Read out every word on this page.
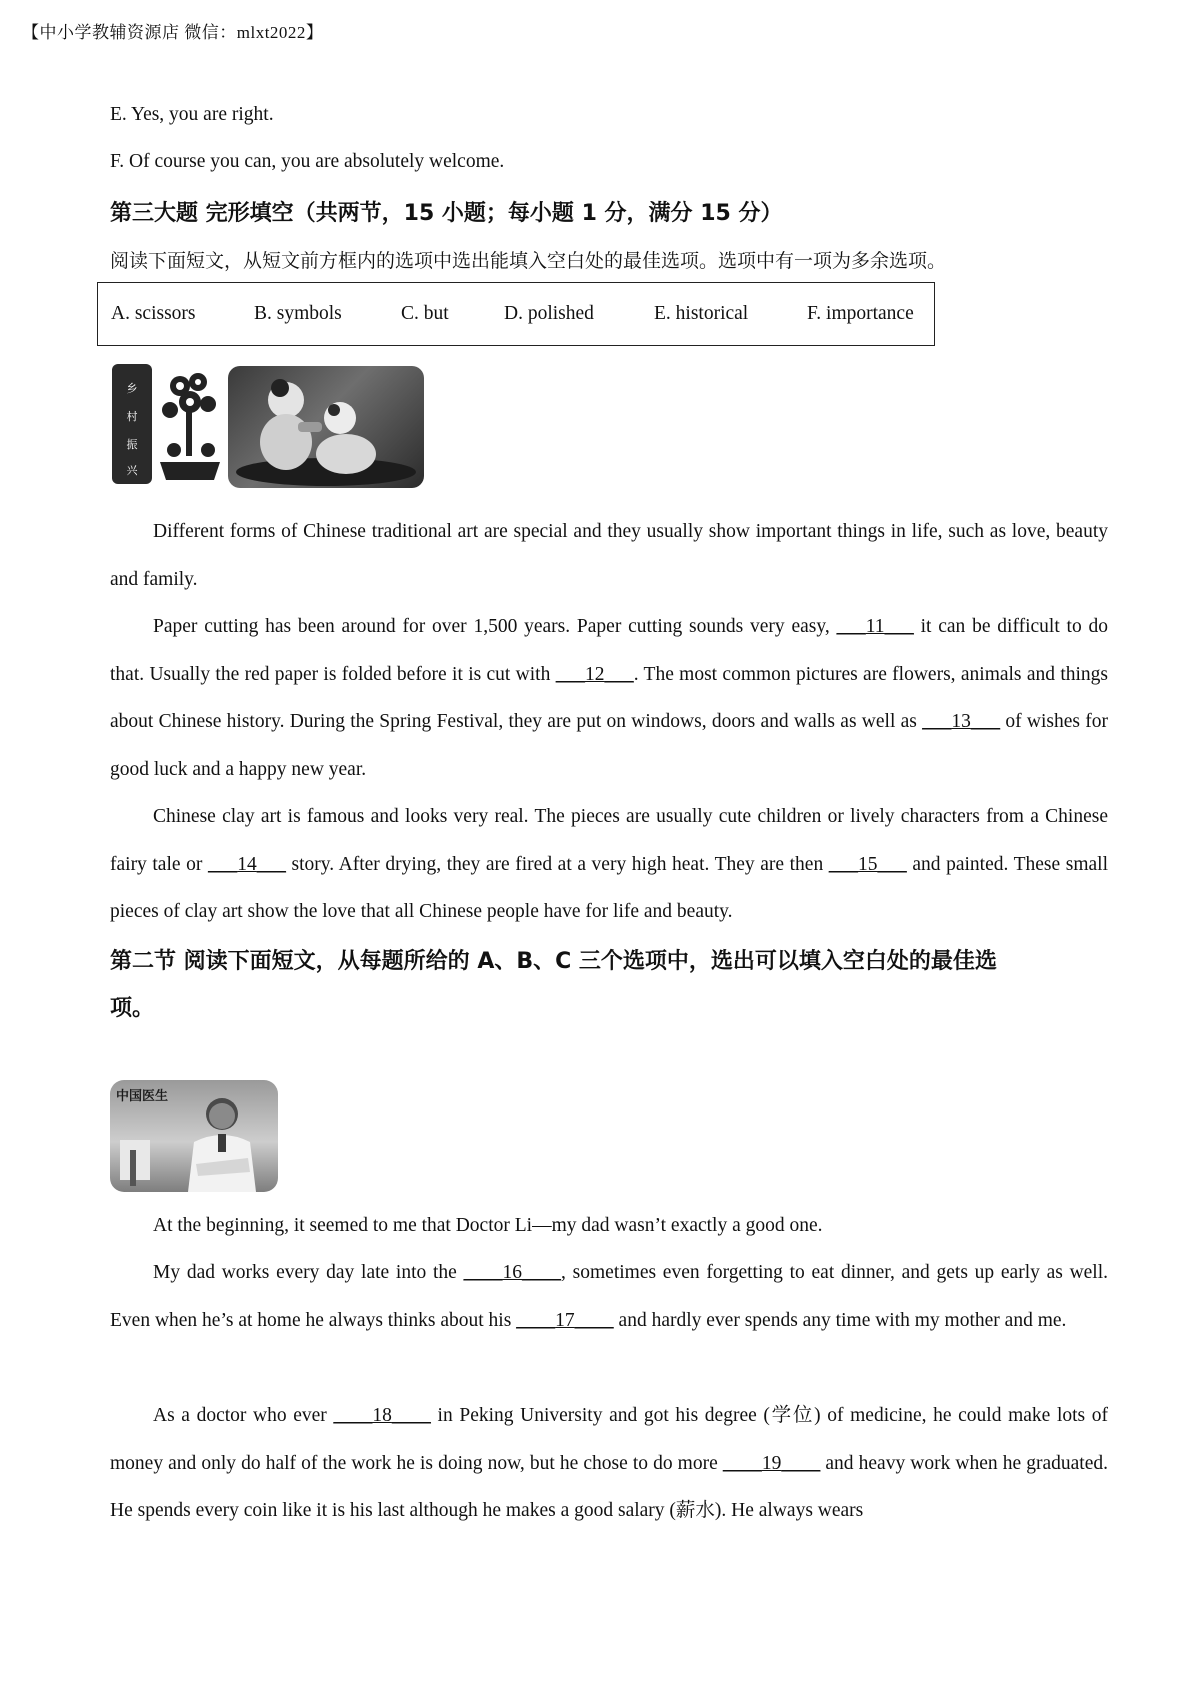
【中小学教辅资源店 微信：mlxt2022】
E. Yes, you are right.
F. Of course you can, you are absolutely welcome.
第三大题 完形填空（共两节，15 小题；每小题 1 分，满分 15 分）
阅读下面短文，从短文前方框内的选项中选出能填入空白处的最佳选项。选项中有一项为多余选项。
A. scissors	B. symbols	C. but	D. polished	E. historical	F. importance
乡
村
振
兴

Different forms of Chinese traditional art are special and they usually show important things in life, such as love, beauty and family.

Paper cutting has been around for over 1,500 years. Paper cutting sounds very easy, ___11___ it can be difficult to do that. Usually the red paper is folded before it is cut with ___12___. The most common pictures are flowers, animals and things about Chinese history. During the Spring Festival, they are put on windows, doors and walls as well as ___13___ of wishes for good luck and a happy new year.

Chinese clay art is famous and looks very real. The pieces are usually cute children or lively characters from a Chinese fairy tale or ___14___ story. After drying, they are fired at a very high heat. They are then ___15___ and painted. These small pieces of clay art show the love that all Chinese people have for life and beauty.

第二节 阅读下面短文，从每题所给的 A、B、C 三个选项中，选出可以填入空白处的最佳选
项。
中国医生

At the beginning, it seemed to me that Doctor Li—my dad wasn’t exactly a good one.

My dad works every day late into the ____16____, sometimes even forgetting to eat dinner, and gets up early as well. Even when he’s at home he always thinks about his ____17____ and hardly ever spends any time with my mother and me.

As a doctor who ever ____18____ in Peking University and got his degree (学位) of medicine, he could make lots of money and only do half of the work he is doing now, but he chose to do more ____19____ and heavy work when he graduated. He spends every coin like it is his last although he makes a good salary (薪水). He always wears
